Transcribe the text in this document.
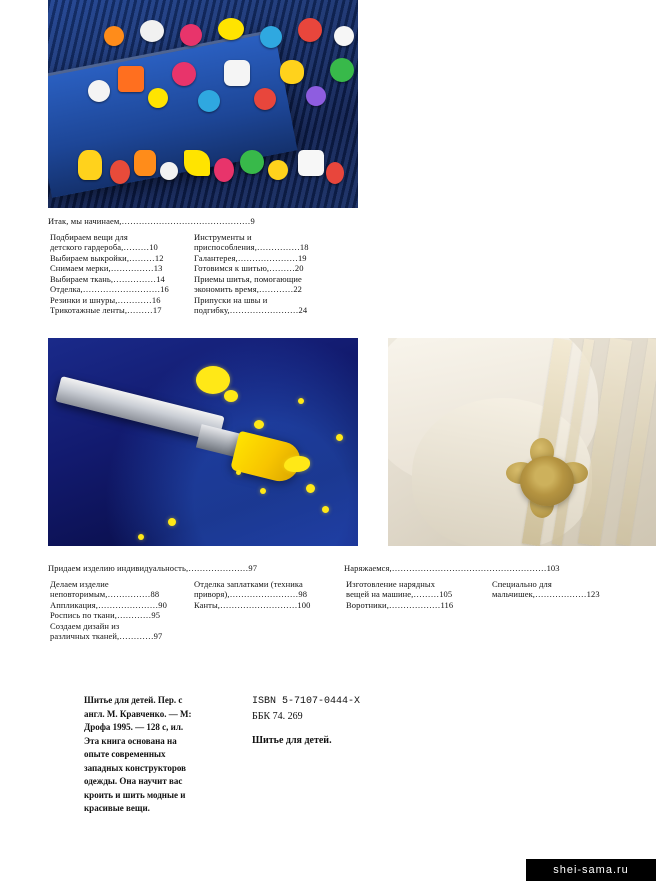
Итак, мы начинаем,………………………………………9
Подбираем вещи для
детского гардероба,………10
Выбираем выкройки,………12
Снимаем мерки,……………13
Выбираем ткань,……………14
Отделка,………………………16
Резинки и шнуры,…………16
Трикотажные ленты,………17
Инструменты и
приспособления,……………18
Галантерея,…………………19
Готовимся к шитью,………20
Приемы шитья, помогающие
экономить время,…………22
Припуски на швы и
подгибку,……………………24
Придаем изделию индивидуальность,…………………97
Делаем изделие
неповторимым,……………88
Аппликация,…………………90
Роспись по ткани,…………95
Создаем дизайн из
различных тканей,…………97
Отделка заплатками (техника
приворя),……………………98
Канты,………………………100
Наряжаемся,………………………………………………103
Изготовление нарядных
вещей на машине,………105
Воротники,………………116
Специально для
мальчишек,………………123
Шитье для детей. Пер. с
англ. М. Кравченко. — М:
Дрофа 1995. — 128 с, ил.
Эта книга основана на
опыте современных
западных конструкторов
одежды. Она научит вас
кроить и шить модные и
красивые вещи.
ISBN 5-7107-0444-X
ББК 74. 269
Шитье для детей.
shei-sama.ru
